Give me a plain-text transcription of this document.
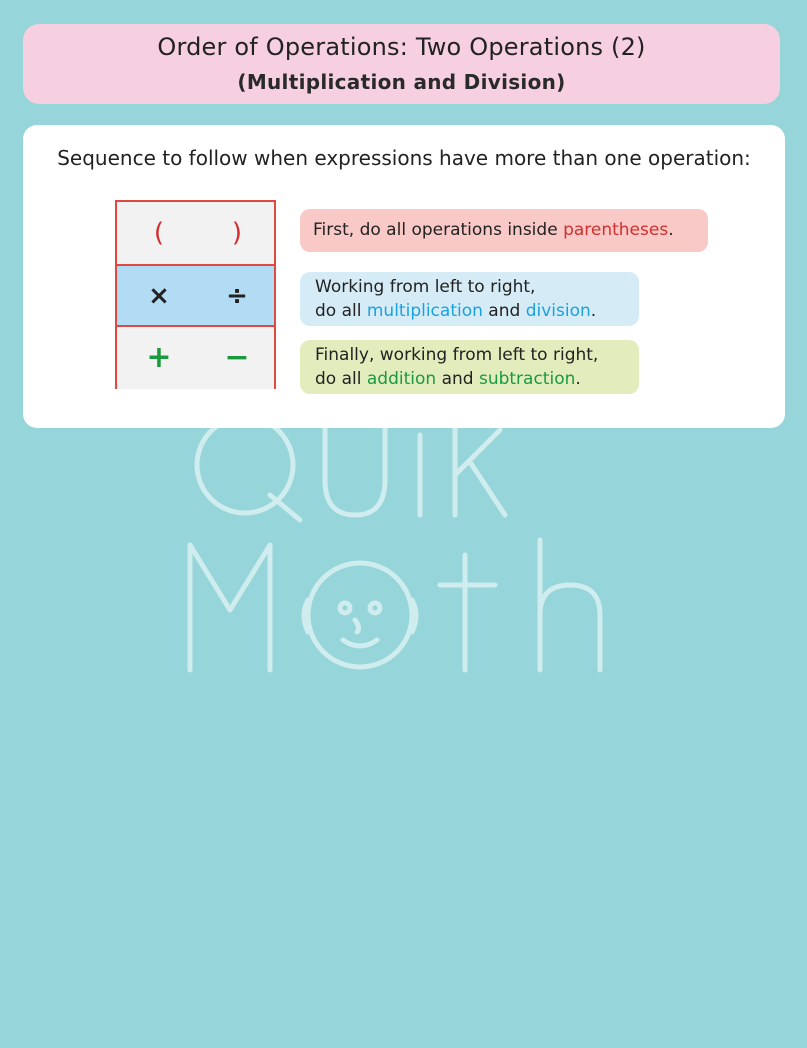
Order of Operations: Two Operations (2)
(Multiplication and Division)
Sequence to follow when expressions have more than one operation:
(	)
× ÷
+ −
First, do all operations inside parentheses.
Working from left to right,
do all multiplication and division.
Finally, working from left to right,
do all addition and subtraction.
